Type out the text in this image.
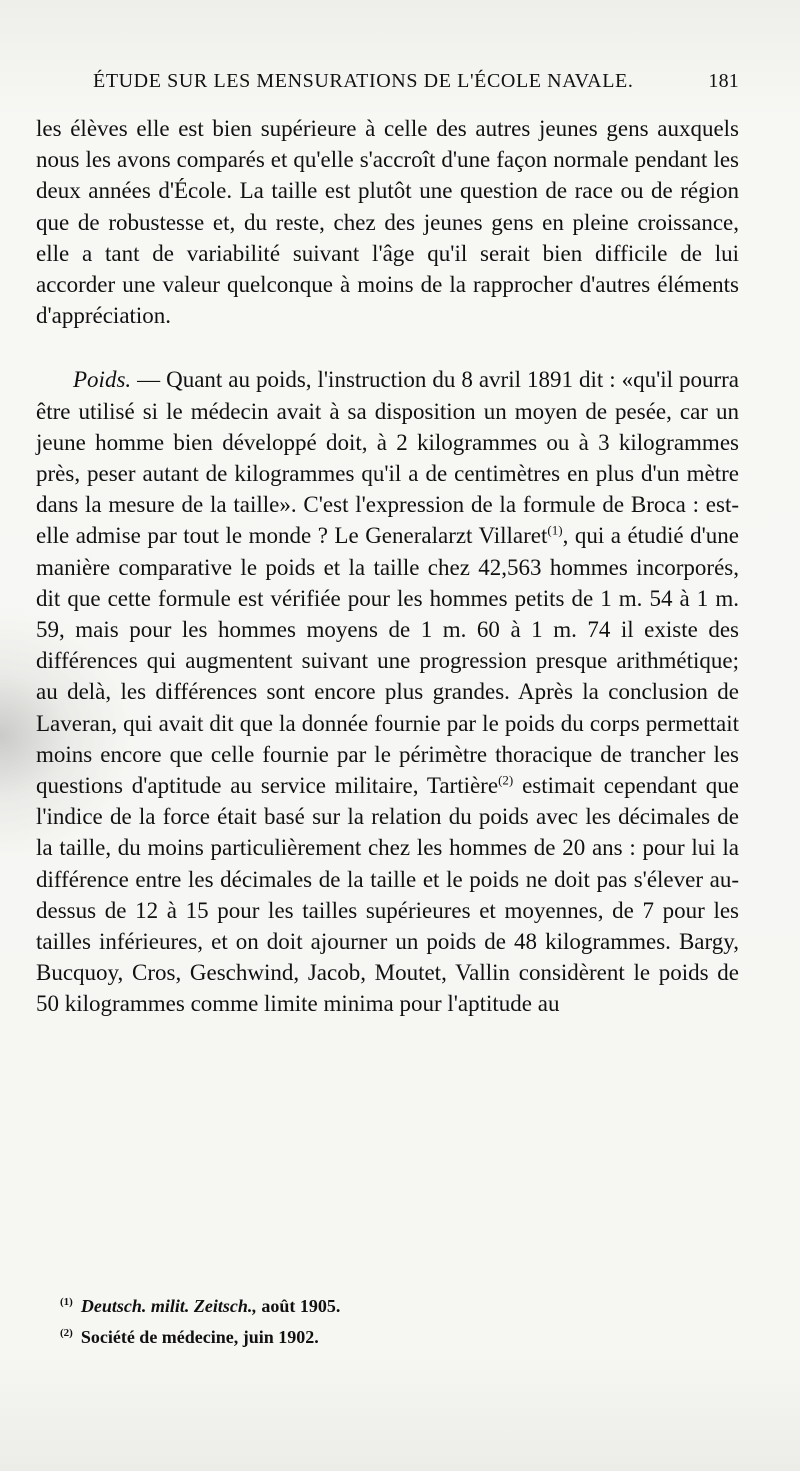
ÉTUDE SUR LES MENSURATIONS DE L'ÉCOLE NAVALE.	181

les élèves elle est bien supérieure à celle des autres jeunes gens auxquels nous les avons comparés et qu'elle s'accroît d'une façon normale pendant les deux années d'École. La taille est plutôt une question de race ou de région que de robustesse et, du reste, chez des jeunes gens en pleine croissance, elle a tant de variabilité suivant l'âge qu'il serait bien difficile de lui accorder une valeur quelconque à moins de la rapprocher d'autres éléments d'appréciation.

Poids. — Quant au poids, l'instruction du 8 avril 1891 dit : «qu'il pourra être utilisé si le médecin avait à sa disposition un moyen de pesée, car un jeune homme bien développé doit, à 2 kilogrammes ou à 3 kilogrammes près, peser autant de kilogrammes qu'il a de centimètres en plus d'un mètre dans la mesure de la taille». C'est l'expression de la formule de Broca : est-elle admise par tout le monde ? Le Generalarzt Villaret$^{(1)}$, qui a étudié d'une manière comparative le poids et la taille chez 42,563 hommes incorporés, dit que cette formule est vérifiée pour les hommes petits de 1 m. 54 à 1 m. 59, mais pour les hommes moyens de 1 m. 60 à 1 m. 74 il existe des différences qui augmentent suivant une progression presque arithmétique; au delà, les différences sont encore plus grandes. Après la conclusion de Laveran, qui avait dit que la donnée fournie par le poids du corps permettait moins encore que celle fournie par le périmètre thoracique de trancher les questions d'aptitude au service militaire, Tartière$^{(2)}$ estimait cependant que l'indice de la force était basé sur la relation du poids avec les décimales de la taille, du moins particulièrement chez les hommes de 20 ans : pour lui la différence entre les décimales de la taille et le poids ne doit pas s'élever au-dessus de 12 à 15 pour les tailles supérieures et moyennes, de 7 pour les tailles inférieures, et on doit ajourner un poids de 48 kilogrammes. Bargy, Bucquoy, Cros, Geschwind, Jacob, Moutet, Vallin considèrent le poids de 50 kilogrammes comme limite minima pour l'aptitude au

$^{(1)}$ Deutsch. milit. Zeitsch., août 1905.
$^{(2)}$ Société de médecine, juin 1902.
